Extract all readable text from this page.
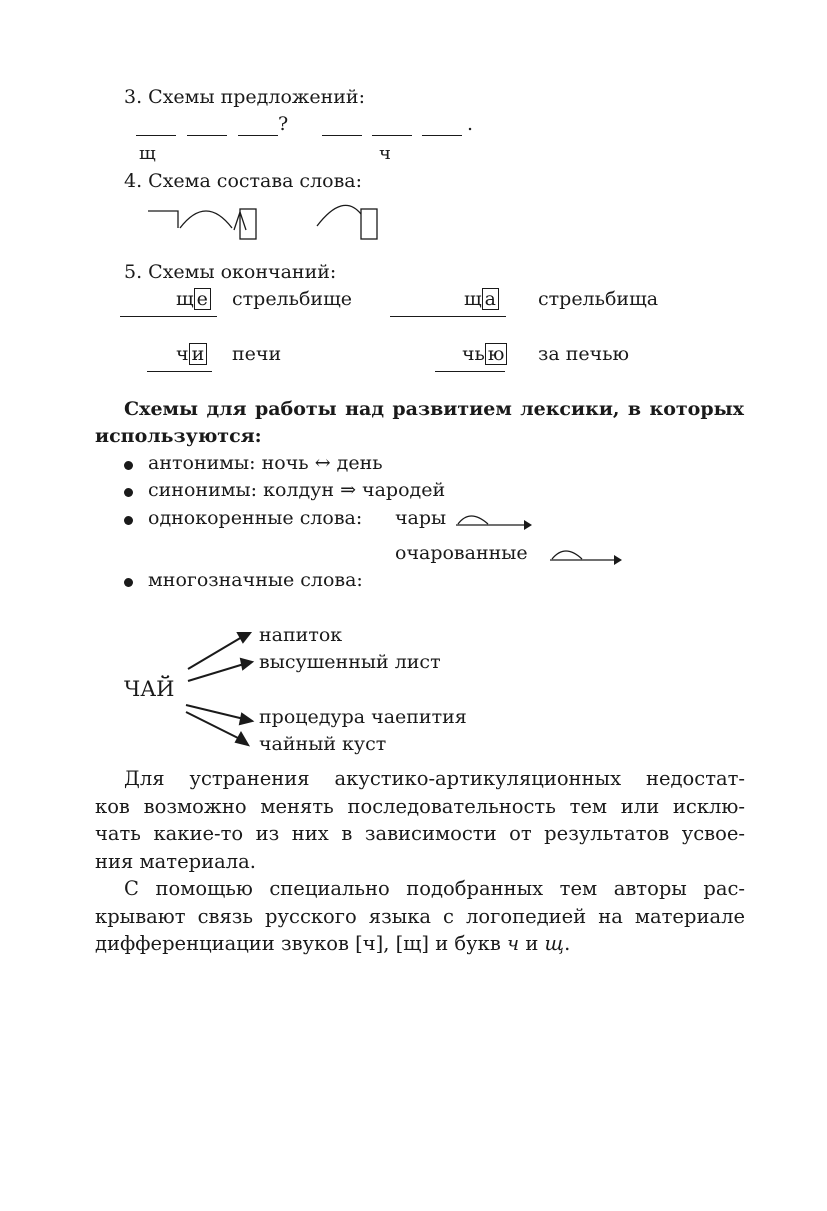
3. Схемы предложений:
?
щ
.
ч
4. Схема состава слова:
5. Схемы окончаний:
щ е стрельбище	щ а стрельбища
ч и печи	чь ю за печью
Схемы для работы над развитием лексики, в которых
используются:
антонимы: ночь ↔ день
синонимы: колдун ⇒ чародей
однокоренные слова: чары
очарованные
многозначные слова:
ЧАЙ
напиток
высушенный лист
процедура чаепития
чайный куст
Для устранения акустико-артикуляционных недостат-
ков возможно менять последовательность тем или исклю-
чать какие-то из них в зависимости от результатов усвое-
ния материала.
С помощью специально подобранных тем авторы рас-
крывают связь русского языка с логопедией на материале
дифференциации звуков [ч], [щ] и букв ч и щ.
